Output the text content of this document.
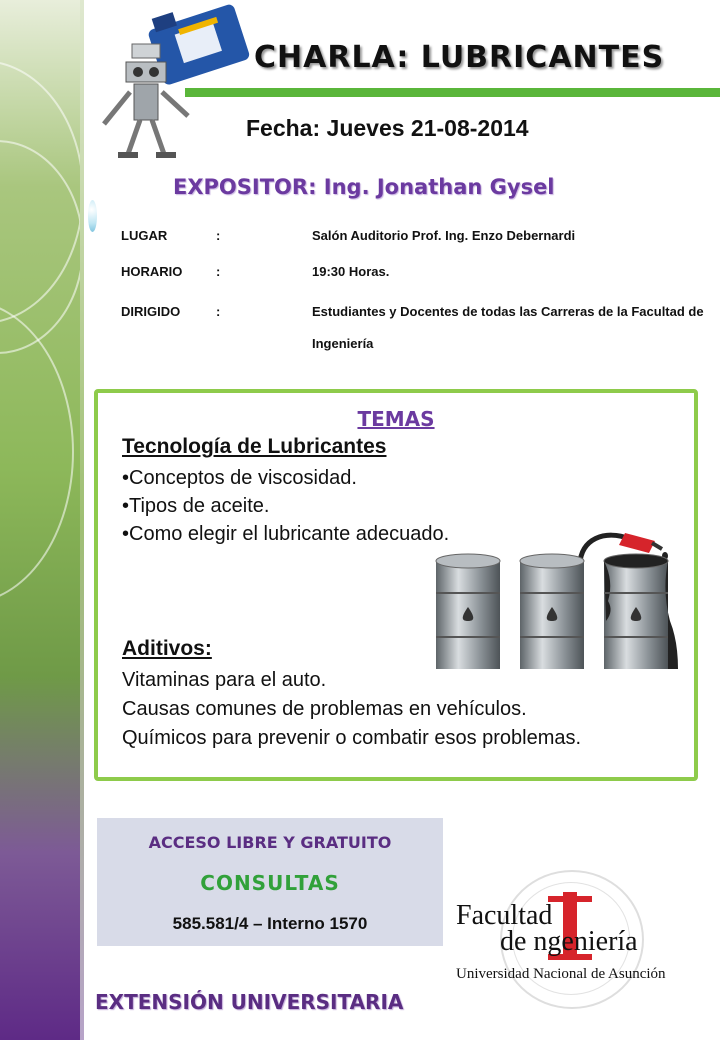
CHARLA: LUBRICANTES
Fecha: Jueves 21-08-2014
EXPOSITOR: Ing. Jonathan Gysel
LUGAR	:	Salón Auditorio Prof. Ing. Enzo Debernardi
HORARIO	:	19:30 Horas.
DIRIGIDO	:	Estudiantes y Docentes de todas las Carreras de la Facultad de Ingeniería
TEMAS
Tecnología de Lubricantes
•Conceptos de viscosidad.
•Tipos de aceite.
•Como elegir el lubricante adecuado.
Aditivos:
Vitaminas para el auto.
Causas comunes de problemas en vehículos.
Químicos para prevenir o combatir esos problemas.
ACCESO LIBRE Y GRATUITO
CONSULTAS
585.581/4 – Interno 1570	Facultad
de ngeniería
Universidad Nacional de Asunción
EXTENSIÓN UNIVERSITARIA
